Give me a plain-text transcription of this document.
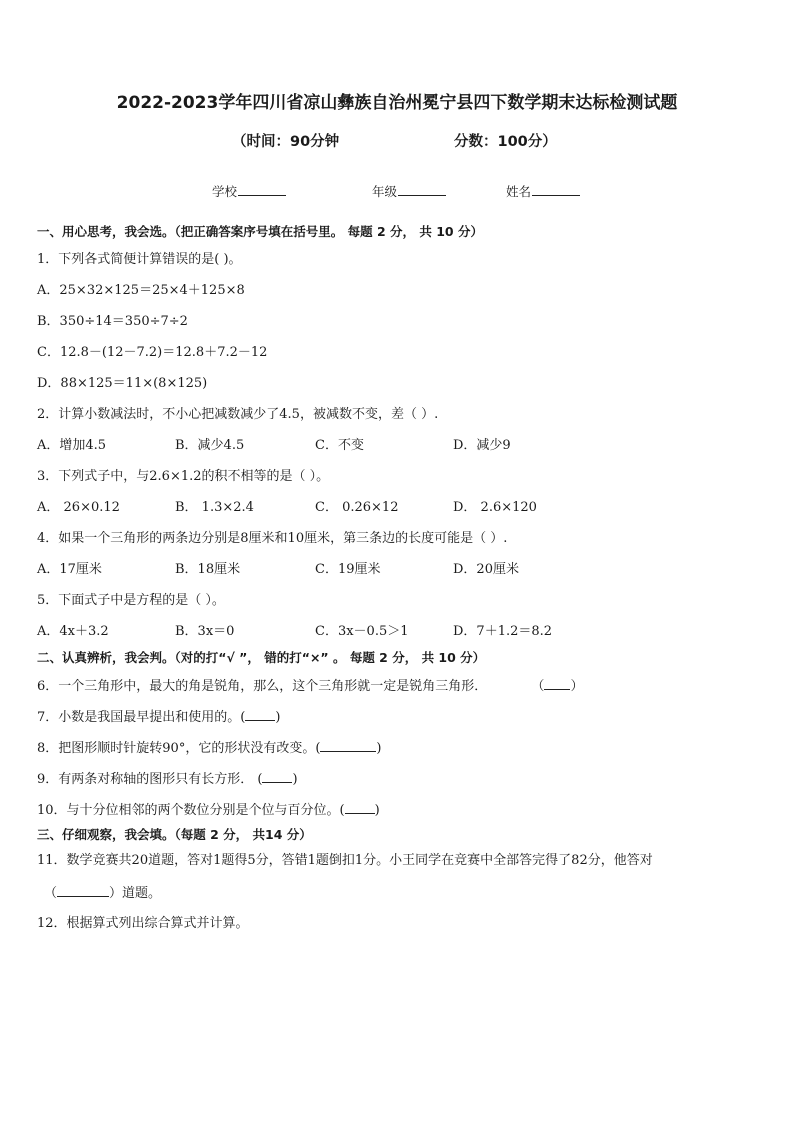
2022-2023学年四川省凉山彝族自治州冕宁县四下数学期末达标检测试题
（时间：90分钟	分数：100分）
学校	年级	姓名
一、用心思考，我会选。（把正确答案序号填在括号里。 每题 2 分， 共 10 分）
1．下列各式简便计算错误的是( )。
A．25×32×125＝25×4＋125×8
B．350÷14＝350÷7÷2
C．12.8－(12－7.2)＝12.8＋7.2－12
D．88×125＝11×(8×125)
2．计算小数减法时，不小心把减数减少了4.5，被减数不变，差（ ）.
A．增加4.5	B．减少4.5	C．不变	D．减少9
3．下列式子中，与2.6×1.2的积不相等的是（ ）。
A． 26×0.12	B． 1.3×2.4	C． 0.26×12	D． 2.6×120
4．如果一个三角形的两条边分别是8厘米和10厘米，第三条边的长度可能是（ ）.
A．17厘米	B．18厘米	C．19厘米	D．20厘米
5．下面式子中是方程的是（ ）。
A．4x＋3.2	B．3x＝0	C．3x－0.5＞1	D．7＋1.2＝8.2
二、认真辨析，我会判。（对的打“√ ”， 错的打“×” 。 每题 2 分， 共 10 分）
6．一个三角形中，最大的角是锐角，那么，这个三角形就一定是锐角三角形．	（ ）
7．小数是我国最早提出和使用的。( )
8．把图形顺时针旋转90°，它的形状没有改变。(	)
9．有两条对称轴的图形只有长方形． ( )
10．与十分位相邻的两个数位分别是个位与百分位。( )
三、仔细观察，我会填。（每题 2 分， 共14 分）
11．数学竞赛共20道题，答对1题得5分，答错1题倒扣1分。小王同学在竞赛中全部答完得了82分，他答对
（	）道题。
12．根据算式列出综合算式并计算。
